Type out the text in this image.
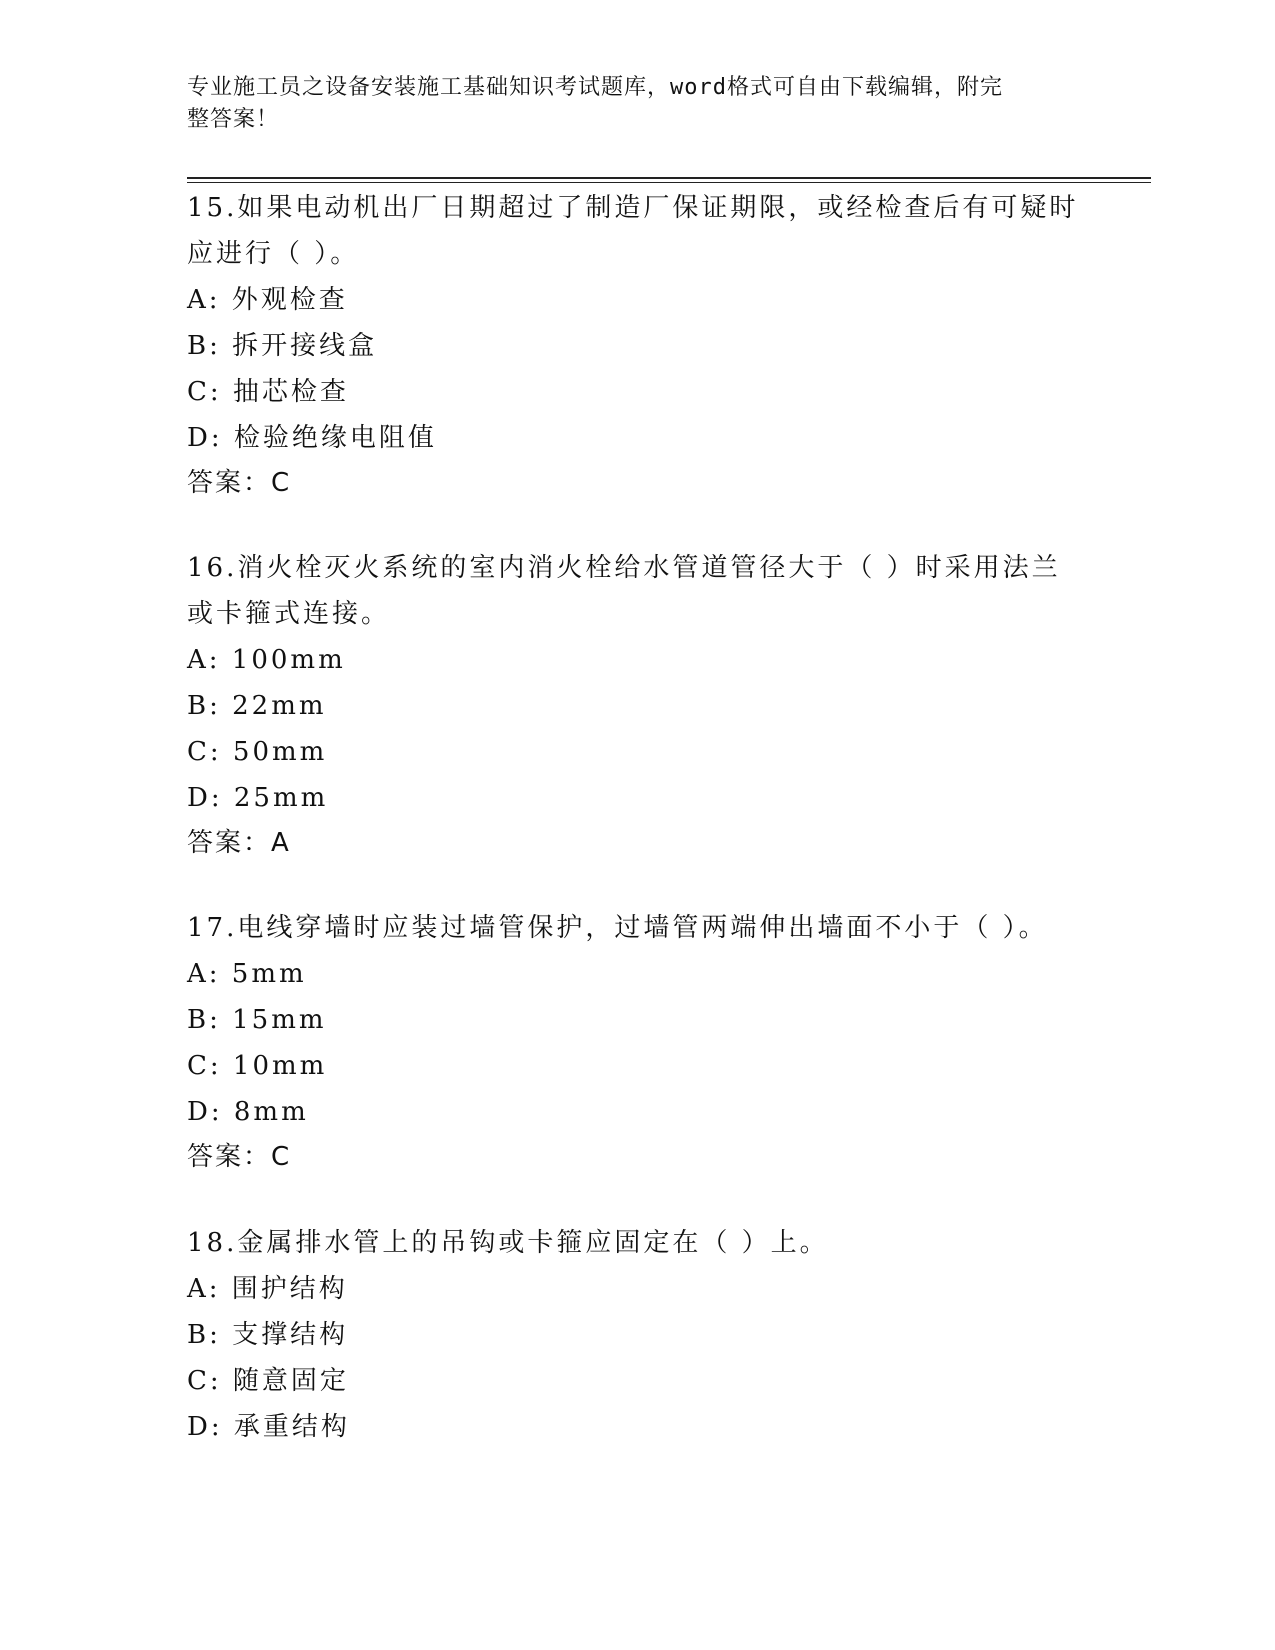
专业施工员之设备安装施工基础知识考试题库，word格式可自由下载编辑，附完
整答案！
15.如果电动机出厂日期超过了制造厂保证期限，或经检查后有可疑时
应进行（ ）。
A: 外观检查
B: 拆开接线盒
C: 抽芯检查
D: 检验绝缘电阻值
答案：C
16.消火栓灭火系统的室内消火栓给水管道管径大于（ ）时采用法兰
或卡箍式连接。
A: 100mm
B: 22mm
C: 50mm
D: 25mm
答案：A
17.电线穿墙时应装过墙管保护，过墙管两端伸出墙面不小于（ ）。
A: 5mm
B: 15mm
C: 10mm
D: 8mm
答案：C
18.金属排水管上的吊钩或卡箍应固定在（ ）上。
A: 围护结构
B: 支撑结构
C: 随意固定
D: 承重结构
